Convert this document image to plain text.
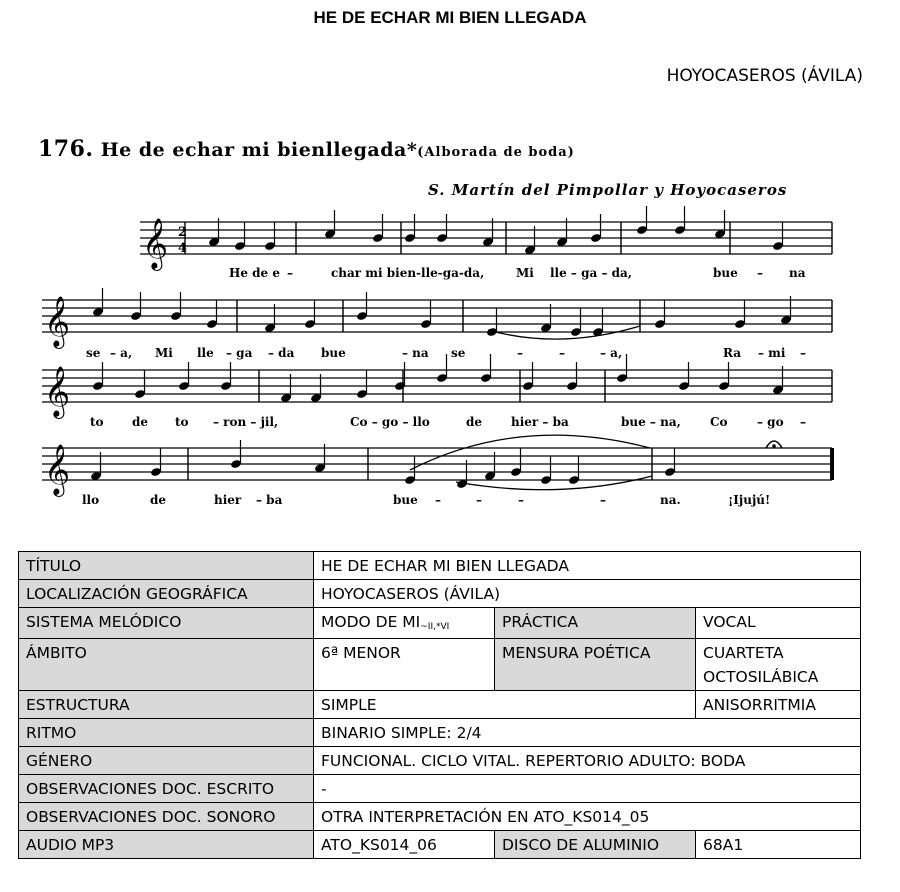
HE DE ECHAR MI BIEN LLEGADA
HOYOCASEROS (ÁVILA)
176. He de echar mi bienllegada*(Alborada de boda)
S. Martín del Pimpollar y Hoyocaseros
𝄞
𝄞
𝄞
𝄞
2
4
He de e –	char mi bien-lle-ga-da,	Mi lle – ga – da,	bue – na
se – a, Mi lle – ga – da bue	– na se	–	–	– a,	Ra – mi –
to de to – ron – jil,	Co – go – llo	de hier – ba	bue – na, Co – go –
llo	de	hier – ba	bue –	–	–	–	na.	¡Ijujú!
TÍTULO	HE DE ECHAR MI BIEN LLEGADA		
LOCALIZACIÓN GEOGRÁFICA	HOYOCASEROS (ÁVILA)		
SISTEMA MELÓDICO	MODO DE $MI_{\sim II,*VI}$	PRÁCTICA	VOCAL
ÁMBITO	6ª MENOR	MENSURA POÉTICA	CUARTETA
OCTOSILÁBICA

ESTRUCTURA	SIMPLE		ANISORRITMIA
RITMO	BINARIO SIMPLE: 2/4		
GÉNERO	FUNCIONAL. CICLO VITAL. REPERTORIO ADULTO: BODA		
OBSERVACIONES DOC. ESCRITO	-		
OBSERVACIONES DOC. SONORO	OTRA INTERPRETACIÓN EN ATO_KS014_05		
AUDIO MP3	ATO_KS014_06	DISCO DE ALUMINIO	68A1
